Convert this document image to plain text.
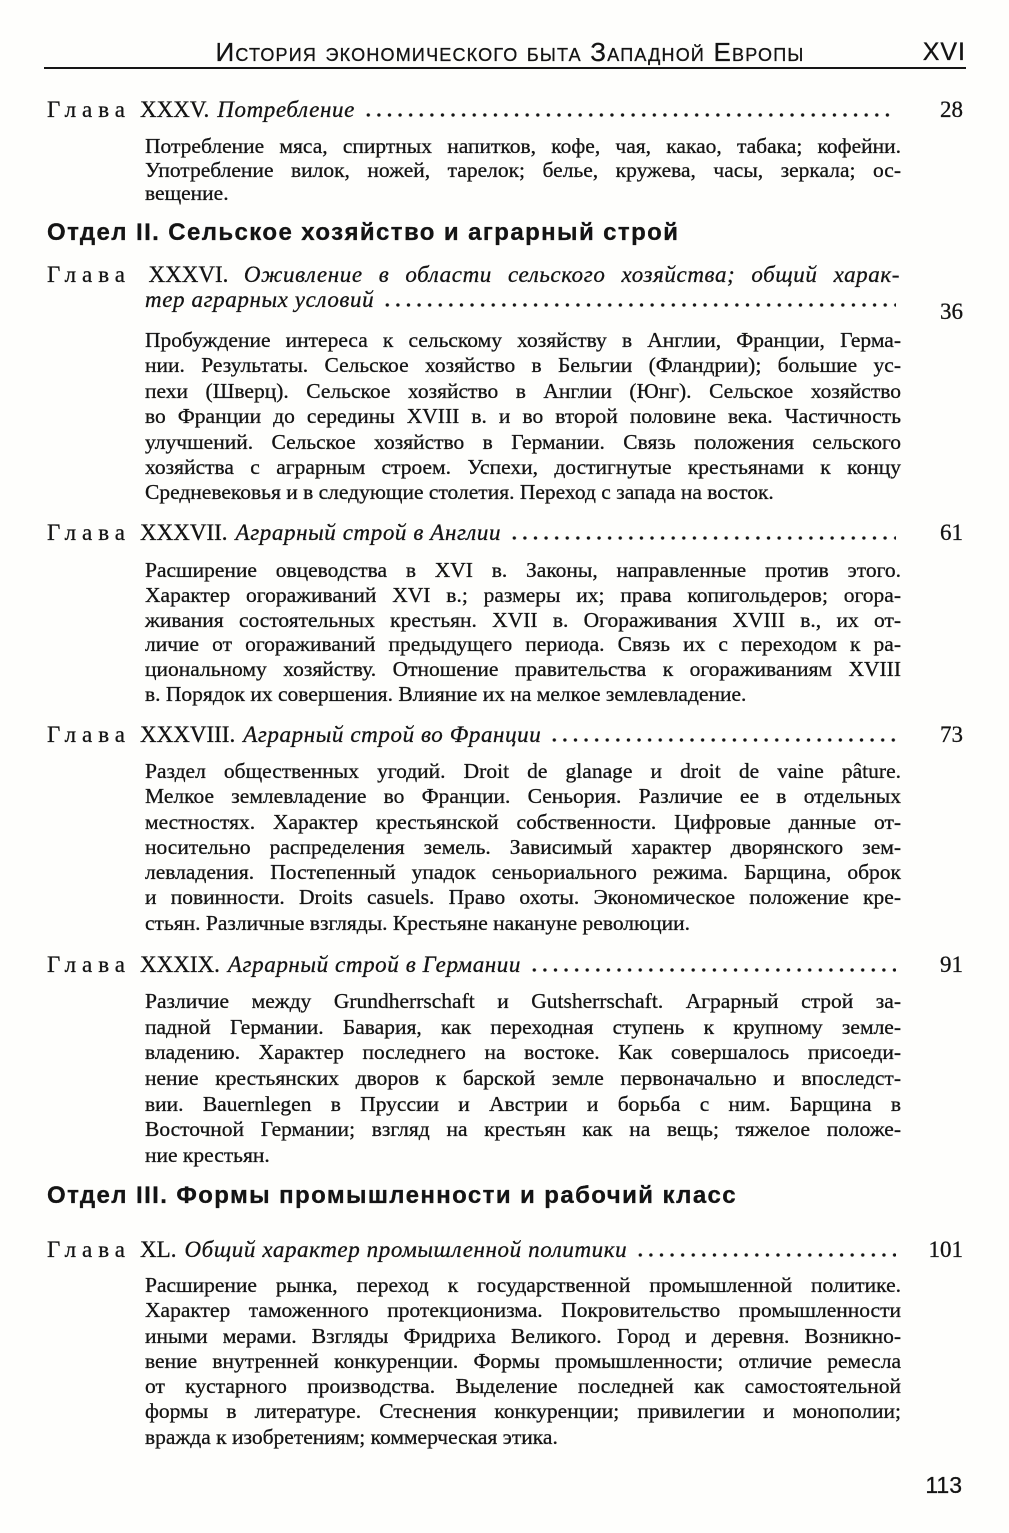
История экономического быта Западной Европы	XVI
Глава XXXV. Потребление	28
Потребление мяса, спиртных напитков, кофе, чая, какао, табака; кофейни.
Употребление вилок, ножей, тарелок; белье, кружева, часы, зеркала; ос-
вещение.
Отдел II. Сельское хозяйство и аграрный строй
Глава XXXVI. Оживление в области сельского хозяйства; общий харак-
тер аграрных условий	36
Пробуждение интереса к сельскому хозяйству в Англии, Франции, Герма-
нии. Результаты. Сельское хозяйство в Бельгии (Фландрии); большие ус-
пехи (Шверц). Сельское хозяйство в Англии (Юнг). Сельское хозяйство
во Франции до середины XVIII в. и во второй половине века. Частичность
улучшений. Сельское хозяйство в Германии. Связь положения сельского
хозяйства с аграрным строем. Успехи, достигнутые крестьянами к концу
Средневековья и в следующие столетия. Переход с запада на восток.
Глава XXXVII. Аграрный строй в Англии	61
Расширение овцеводства в XVI в. Законы, направленные против этого.
Характер огораживаний XVI в.; размеры их; права копигольдеров; огора-
живания состоятельных крестьян. XVII в. Огораживания XVIII в., их от-
личие от огораживаний предыдущего периода. Связь их с переходом к ра-
циональному хозяйству. Отношение правительства к огораживаниям XVIII
в. Порядок их совершения. Влияние их на мелкое землевладение.
Глава XXXVIII. Аграрный строй во Франции	73
Раздел общественных угодий. Droit de glanage и droit de vaine pâture.
Мелкое землевладение во Франции. Сеньория. Различие ее в отдельных
местностях. Характер крестьянской собственности. Цифровые данные от-
носительно распределения земель. Зависимый характер дворянского зем-
левладения. Постепенный упадок сеньориального режима. Барщина, оброк
и повинности. Droits casuels. Право охоты. Экономическое положение кре-
стьян. Различные взгляды. Крестьяне накануне революции.
Глава XXXIX. Аграрный строй в Германии	91
Различие между Grundherrschaft и Gutsherrschaft. Аграрный строй за-
падной Германии. Бавария, как переходная ступень к крупному земле-
владению. Характер последнего на востоке. Как совершалось присоеди-
нение крестьянских дворов к барской земле первоначально и впоследст-
вии. Bauernlegen в Пруссии и Австрии и борьба с ним. Барщина в
Восточной Германии; взгляд на крестьян как на вещь; тяжелое положе-
ние крестьян.
Отдел III. Формы промышленности и рабочий класс
Глава XL. Общий характер промышленной политики	101
Расширение рынка, переход к государственной промышленной политике.
Характер таможенного протекционизма. Покровительство промышленности
иными мерами. Взгляды Фридриха Великого. Город и деревня. Возникно-
вение внутренней конкуренции. Формы промышленности; отличие ремесла
от кустарного производства. Выделение последней как самостоятельной
формы в литературе. Стеснения конкуренции; привилегии и монополии;
вражда к изобретениям; коммерческая этика.
113
